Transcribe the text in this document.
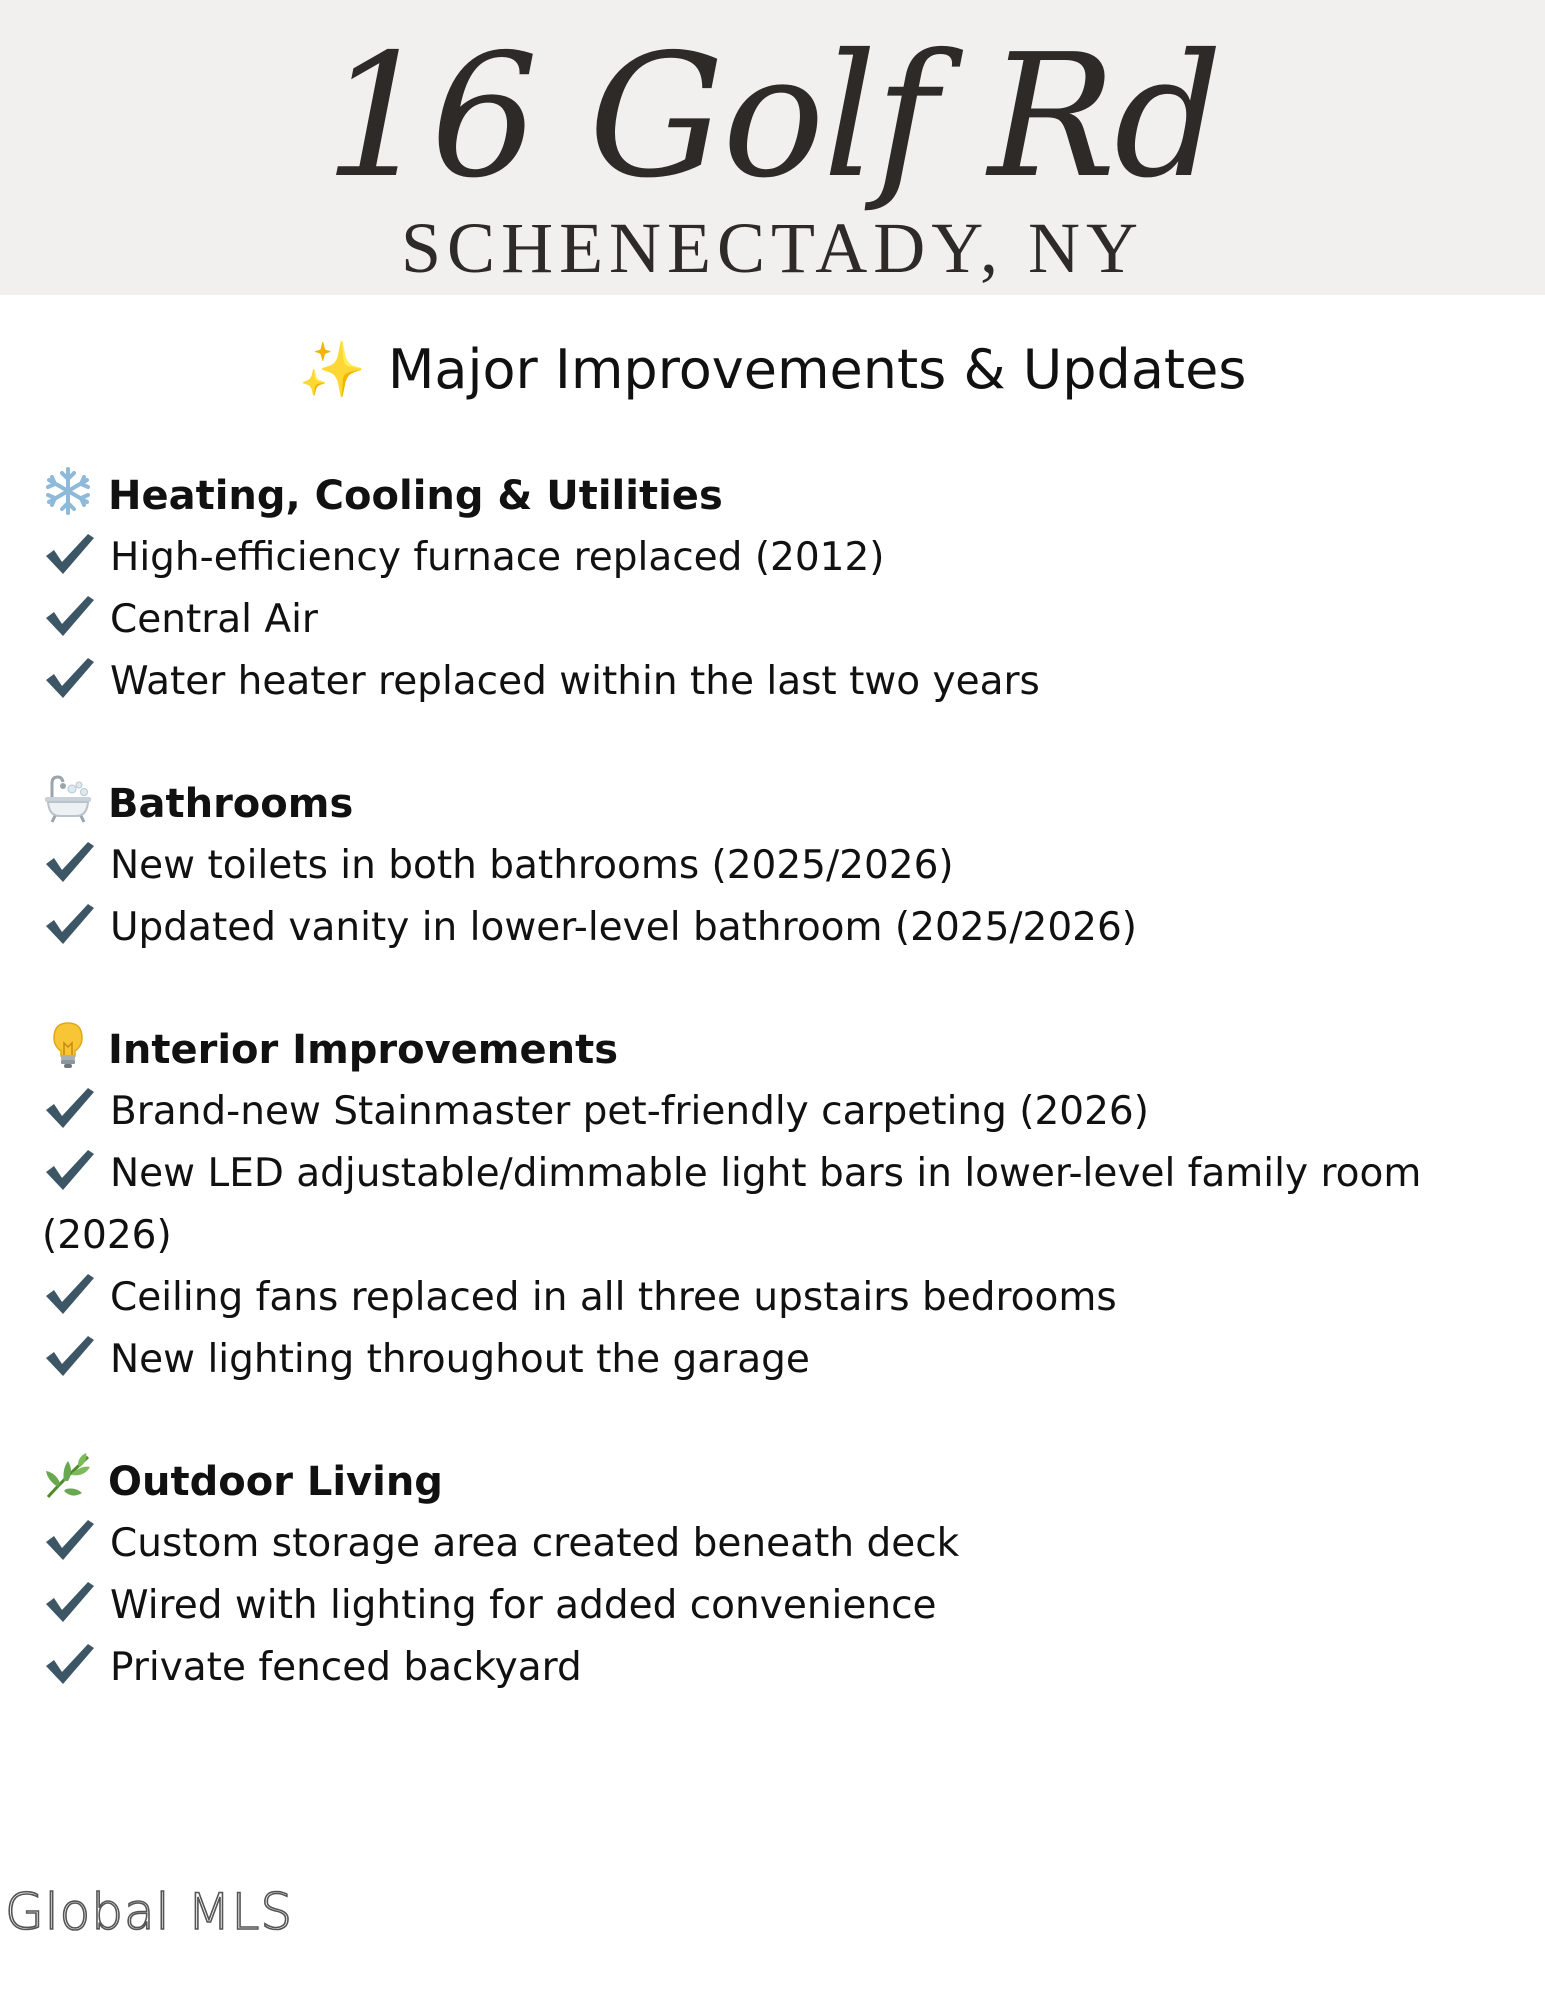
16 Golf Rd
SCHENECTADY, NY
✨ Major Improvements & Updates
Heating, Cooling & Utilities
High-efficiency furnace replaced (2012)
Central Air
Water heater replaced within the last two years
Bathrooms
New toilets in both bathrooms (2025/2026)
Updated vanity in lower-level bathroom (2025/2026)
Interior Improvements
Brand-new Stainmaster pet-friendly carpeting (2026)
New LED adjustable/dimmable light bars in lower-level family room (2026)
Ceiling fans replaced in all three upstairs bedrooms
New lighting throughout the garage
Outdoor Living
Custom storage area created beneath deck
Wired with lighting for added convenience
Private fenced backyard
Global MLS
